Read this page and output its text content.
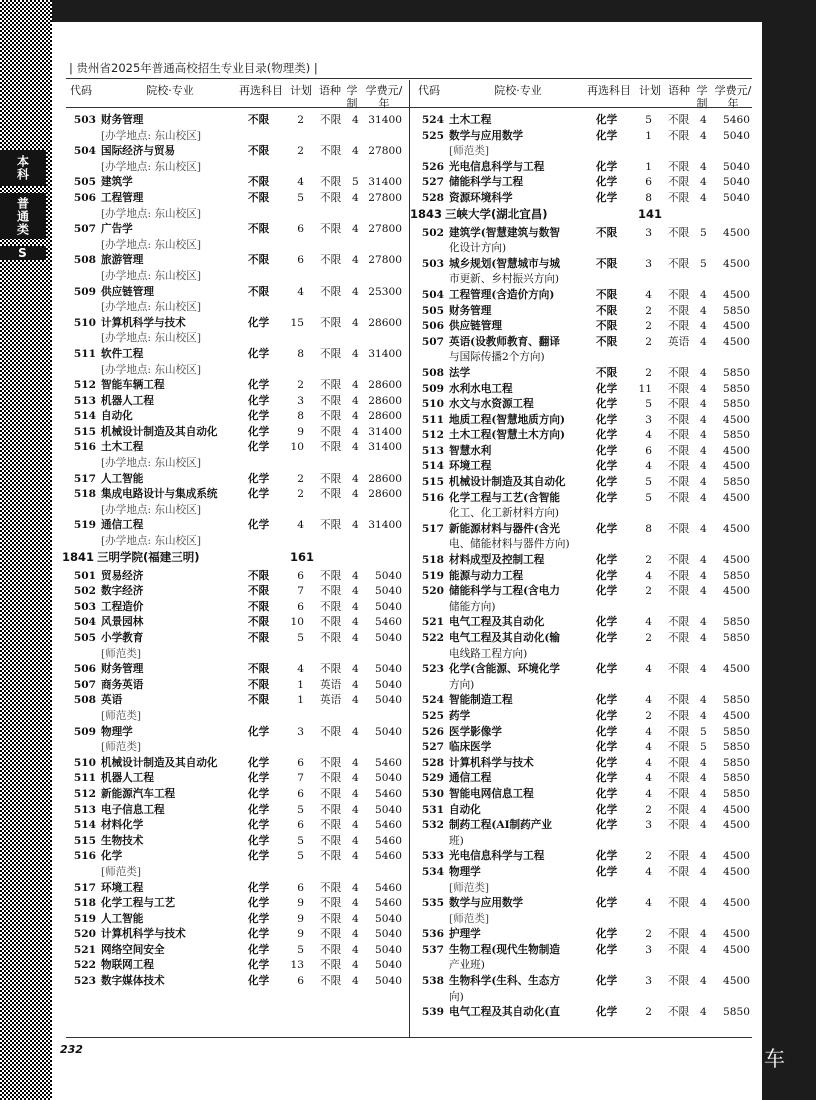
本科
普通类
S
| 贵州省2025年普通高校招生专业目录(物理类) |
代码	院校·专业	再选科目 计划 语种 学制
学费元/年
代码	院校·专业	再选科目 计划 语种 学制
学费元/年
503 财务管理	不限	2 不限 4 31400
[办学地点: 东山校区]
504 国际经济与贸易	不限	2 不限 4 27800
[办学地点: 东山校区]
505 建筑学	不限	4 不限 5 31400
506 工程管理	不限	5 不限 4 27800
[办学地点: 东山校区]
507 广告学	不限	6 不限 4 27800
[办学地点: 东山校区]
508 旅游管理	不限	6 不限 4 27800
[办学地点: 东山校区]
509 供应链管理	不限	4 不限 4 25300
[办学地点: 东山校区]
510 计算机科学与技术	化学 15 不限 4 28600
[办学地点: 东山校区]
511 软件工程	化学	8 不限 4 31400
[办学地点: 东山校区]
512 智能车辆工程	化学	2 不限 4 28600
513 机器人工程	化学	3 不限 4 28600
514 自动化	化学	8 不限 4 28600
515 机械设计制造及其自动化	化学	9 不限 4 31400
516 土木工程	化学 10 不限 4 31400
[办学地点: 东山校区]
517 人工智能	化学	2 不限 4 28600
518 集成电路设计与集成系统	化学	2 不限 4 28600
[办学地点: 东山校区]
519 通信工程	化学	4 不限 4 31400
[办学地点: 东山校区]
1841 三明学院(福建三明)	161
501 贸易经济	不限	6 不限 4	5040
502 数字经济	不限	7 不限 4	5040
503 工程造价	不限	6 不限 4	5040
504 风景园林	不限 10 不限 4	5460
505 小学教育	不限	5 不限 4	5040
[师范类]
506 财务管理	不限	4 不限 4	5040
507 商务英语	不限	1 英语 4	5040
508 英语	不限	1 英语 4	5040
[师范类]
509 物理学	化学	3 不限 4	5040
[师范类]
510 机械设计制造及其自动化	化学	6 不限 4	5460
511 机器人工程	化学	7 不限 4	5040
512 新能源汽车工程	化学	6 不限 4	5460
513 电子信息工程	化学	5 不限 4	5040
514 材料化学	化学	6 不限 4	5460
515 生物技术	化学	5 不限 4	5460
516 化学	化学	5 不限 4	5460
[师范类]
517 环境工程	化学	6 不限 4	5460
518 化学工程与工艺	化学	9 不限 4	5460
519 人工智能	化学	9 不限 4	5040
520 计算机科学与技术	化学	9 不限 4	5040
521 网络空间安全	化学	5 不限 4	5040
522 物联网工程	化学 13 不限 4	5040
523 数字媒体技术	化学	6 不限 4	5040
524 土木工程	化学	5 不限 4	5460
525 数学与应用数学	化学	1 不限 4	5040
[师范类]
526 光电信息科学与工程	化学	1 不限 4	5040
527 储能科学与工程	化学	6 不限 4	5040
528 资源环境科学	化学	8 不限 4	5040
1843 三峡大学(湖北宜昌)	141
502 建筑学(智慧建筑与数智	不限	3 不限 5	4500
化设计方向)
503 城乡规划(智慧城市与城	不限	3 不限 5	4500
市更新、乡村振兴方向)
504 工程管理(含造价方向)	不限	4 不限 4	4500
505 财务管理	不限	2 不限 4	5850
506 供应链管理	不限	2 不限 4	4500
507 英语(设教师教育、翻译	不限	2 英语 4	4500
与国际传播2个方向)
508 法学	不限	2 不限 4	5850
509 水利水电工程	化学 11 不限 4	5850
510 水文与水资源工程	化学	5 不限 4	5850
511 地质工程(智慧地质方向)	化学	3 不限 4	4500
512 土木工程(智慧土木方向)	化学	4 不限 4	5850
513 智慧水利	化学	6 不限 4	4500
514 环境工程	化学	4 不限 4	4500
515 机械设计制造及其自动化	化学	5 不限 4	5850
516 化学工程与工艺(含智能	化学	5 不限 4	4500
化工、化工新材料方向)
517 新能源材料与器件(含光	化学	8 不限 4	4500
电、储能材料与器件方向)
518 材料成型及控制工程	化学	2 不限 4	4500
519 能源与动力工程	化学	4 不限 4	5850
520 储能科学与工程(含电力	化学	2 不限 4	4500
储能方向)
521 电气工程及其自动化	化学	4 不限 4	5850
522 电气工程及其自动化(输	化学	2 不限 4	5850
电线路工程方向)
523 化学(含能源、环境化学	化学	4 不限 4	4500
方向)
524 智能制造工程	化学	4 不限 4	5850
525 药学	化学	2 不限 4	4500
526 医学影像学	化学	4 不限 5	5850
527 临床医学	化学	4 不限 5	5850
528 计算机科学与技术	化学	4 不限 4	5850
529 通信工程	化学	4 不限 4	5850
530 智能电网信息工程	化学	4 不限 4	5850
531 自动化	化学	2 不限 4	4500
532 制药工程(AI制药产业	化学	3 不限 4	4500
班)
533 光电信息科学与工程	化学	2 不限 4	4500
534 物理学	化学	4 不限 4	4500
[师范类]
535 数学与应用数学	化学	4 不限 4	4500
[师范类]
536 护理学	化学	2 不限 4	4500
537 生物工程(现代生物制造	化学	3 不限 4	4500
产业班)
538 生物科学(生科、生态方	化学	3 不限 4	4500
向)
539 电气工程及其自动化(直	化学	2 不限 4	5850
232	高考直通车
